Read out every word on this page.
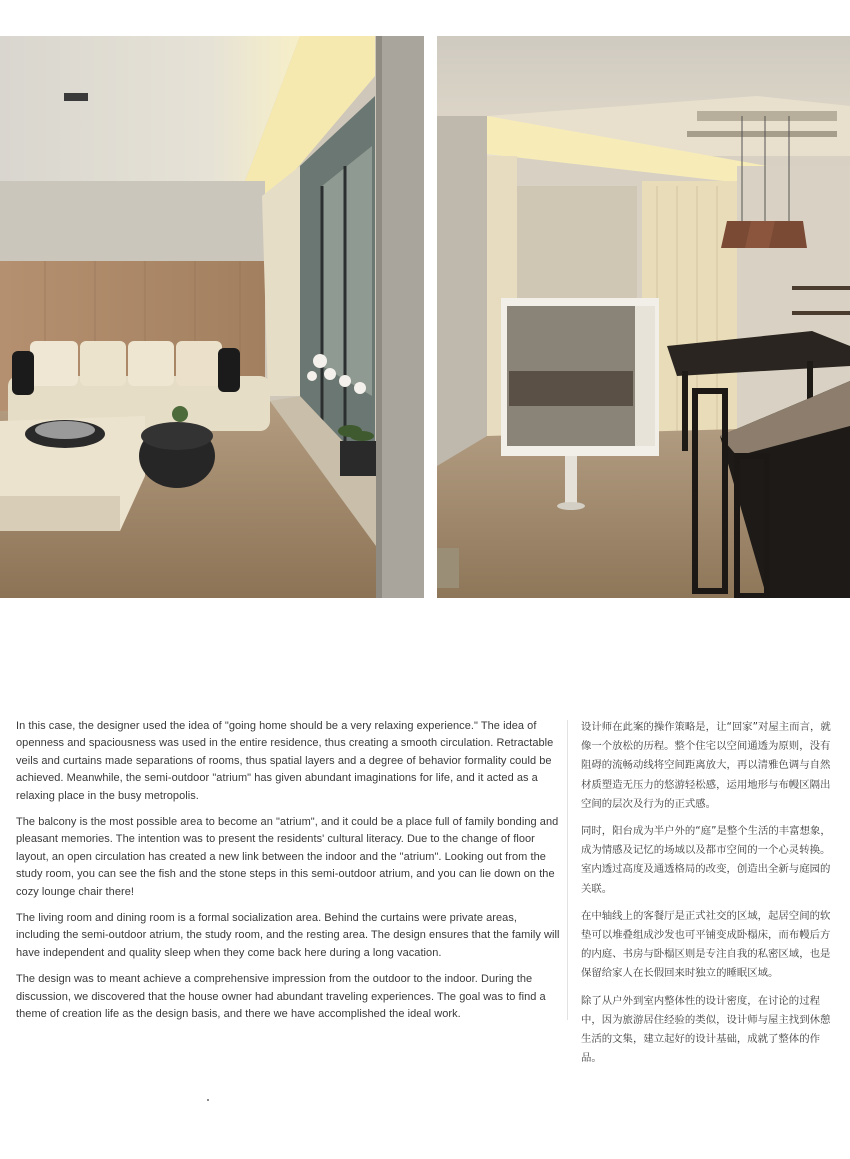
In this case, the designer used the idea of "going home should be a very relaxing experience." The idea of openness and spaciousness was used in the entire residence, thus creating a smooth circulation. Retractable veils and curtains made separations of rooms, thus spatial layers and a degree of behavior formality could be achieved. Meanwhile, the semi-outdoor "atrium" has given abundant imaginations for life, and it acted as a relaxing place in the busy metropolis.

The balcony is the most possible area to become an "atrium", and it could be a place full of family bonding and pleasant memories. The intention was to present the residents' cultural literacy. Due to the change of floor layout, an open circulation has created a new link between the indoor and the "atrium". Looking out from the study room, you can see the fish and the stone steps in this semi-outdoor atrium, and you can lie down on the cozy lounge chair there!

The living room and dining room is a formal socialization area. Behind the curtains were private areas, including the semi-outdoor atrium, the study room, and the resting area. The design ensures that the family will have independent and quality sleep when they come back here during a long vacation.

The design was to meant achieve a comprehensive impression from the outdoor to the indoor. During the discussion, we discovered that the house owner had abundant traveling experiences. The goal was to find a theme of creation life as the design basis, and there we have accomplished the ideal work.

设计师在此案的操作策略是，让“回家”对屋主而言，就像一个放松的历程。整个住宅以空间通透为原则，没有阻碍的流畅动线将空间距离放大，再以清雅色调与自然材质塑造无压力的悠游轻松感，运用地形与布幔区隔出空间的层次及行为的正式感。

同时，阳台成为半户外的“庭”是整个生活的丰富想象，成为情感及记忆的场域以及都市空间的一个心灵转换。室内透过高度及通透格局的改变，创造出全新与庭园的关联。

在中轴线上的客餐厅是正式社交的区域，起居空间的软垫可以堆叠组成沙发也可平铺变成卧榻床，而布幔后方的内庭、书房与卧榻区则是专注自我的私密区域，也是保留给家人在长假回来时独立的睡眠区域。

除了从户外到室内整体性的设计密度，在讨论的过程中，因为旅游居住经验的类似，设计师与屋主找到休憩生活的文集，建立起好的设计基础，成就了整体的作品。
